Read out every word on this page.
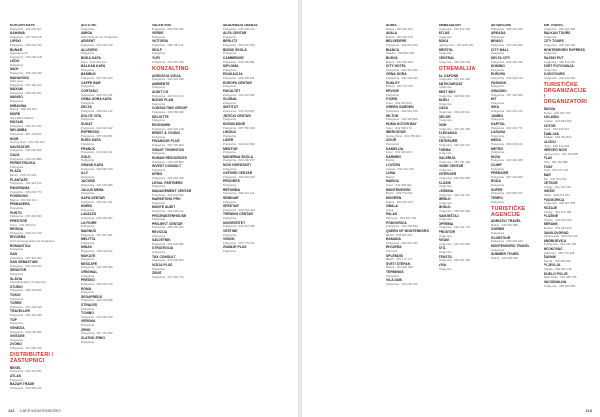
KOKOSH KAFE
Podgorica · 020 224 517
KAHAWA
Podgorica · 067 302 118
LIPSKI
Podgorica · 069 240 313
BUNAR
Njegoševa 22
Podgorica · 020 230 118
LEDO
Podgorica
MAXI
Podgorica · 069 103 440
MAHAGONI
Stari grad
Podgorica · 067 440 212
MAXAM
Podgorica · 020 232 001
MANGO
Podgorica
MIRAVINA
Budva · 068 118 220
MORE
Ulica Mitra Bakića
MOZAIK
Podgorica · 069 444 012
NELUMBA
Podgorica · 067 118 004
NOIR
Herceg Novi · 031 322 102
NAVIGATOR
Podgorica · 069 222 006
OAZA
Podgorica · 020 231 880
PERESTROJKA
Podgorica
PLAŽA
Bečići · 033 471 002
PLANTAŽE
Podgorica · 020 444 114
PANORAMA
Podgorica · 069 203 770
POSEIDON
Budva · 033 402 101
PRIMAVERA
Podgorica
PUNTO
Podgorica · 067 004 990
PRESTIGE
Kotor · 032 325 122
REGINA
Podgorica · 020 221 410
RIVIJERA
Ulica Hercegovačka 14, Podgorica
ROMANTICA
Podgorica
SAN
Podgorica · 067 321 002
SAN SEBASTIAN
Podgorica · 020 244 102
SENATOR
Podgorica
SLAVIA
Ulica Bokeška 3, Podgorica
STUDIO
Podgorica · 069 118 550
TOKIO
Podgorica
TORRE
Podgorica · 067 220 310
TRAVELLER
Podgorica · 069 404 040
TOP
Podgorica
VENEZIA
Podgorica · 020 230 550
VINTAGE
Podgorica
ZVONO
Podgorica · 067 550 012
DISTRIBUTERI / ZASTUPNICI
BEXEL
Podgorica · 020 444 901
ATLAS
Podgorica
BAZAR TRADE
Podgorica · 020 660 410
AUTO BIT
Podgorica
AMIGA
Ulica Slobode 12, Podgorica
ARGENT
Podgorica · 020 225 313
ALLEGRO
Podgorica
BOKA KAFA
Kotor · 032 302 110
BALKAN KAFA
Podgorica
BAMBUS
Podgorica · 067 210 443
CAFFE BAR
Podgorica
CORTADO
Podgorica · 020 231 011
CRNA GORA KAFA
Podgorica
DELTA
Podgorica · 069 231 112
DOLCE VITA
Podgorica
DUKAT
Podgorica · 020 232 442
ESPRESSO
Podgorica · 067 003 881
EURO KAFA
Podgorica
FRANCK
Podgorica · 020 222 111
GOLD
Podgorica
GRAND KAFA
Podgorica · 020 660 100
ILLY
Podgorica
JACOBS
Podgorica · 020 440 005
JULIUS MEINL
Podgorica
KAFA CENTAR
Podgorica · 020 111 223
KIMBO
Podgorica
LAVAZZA
Podgorica · 020 234 567
LA FIORE
Podgorica
MAGNUS
Podgorica · 067 667 001
MELITTA
Podgorica
MINAS
Podgorica · 069 112 002
MOKATE
Podgorica
NESCAFE
Podgorica · 020 445 990
ORIGINAL
Podgorica
PRESSO
Podgorica · 020 230 120
ROMA
Podgorica
SEGAFREDO
Podgorica · 020 233 008
STRAUSS
Podgorica
TCHIBO
Podgorica · 020 202 020
VERONA
Podgorica
ZRNO
Podgorica · 067 101 202
ZLATNO ZRNO
Podgorica
VALENTINO
Podgorica · 020 230 332
VERDE
Podgorica
VICTORIA
Podgorica · 069 700 112
WOLF
Podgorica
YUPI
Podgorica · 067 001 330
KONZALTING
AGENCIJA VIZIJA
Podgorica · 020 224 000
AMBIENTE
Podgorica
AUDIT CG
Podgorica · 020 231 114
BIZNIS PLAN
Podgorica
CONSULTING GROUP
Podgorica · 020 660 220
DELOITTE
Podgorica
EKONOMIK
Podgorica · 020 224 118
ERNST & YOUNG
Podgorica
FINANSIJE PLUS
Podgorica · 067 203 004
GRANT THORNTON
Podgorica
HUMAN RESOURCES
Podgorica · 020 232 800
INVEST CONSULT
Podgorica
KPMG
Podgorica · 020 202 450
LEGAL PARTNERS
Podgorica
MANAGEMENT CENTAR
Podgorica · 020 244 332
MARKETING PRO
Podgorica
MONTE AUDIT
Podgorica · 020 233 114
PRICEWATERHOUSE
Podgorica
PROJEKT CENTAR
Podgorica · 069 220 404
REVIZIJA
Podgorica
SAVJETNIK
Podgorica · 020 225 660
STRATEGIJA
Podgorica
TAX CONSULT
Podgorica · 020 230 900
VIZIJA PLUS
Podgorica
ZENIT
Podgorica · 067 331 770
AKADEMIJA ZNANJA
Podgorica · 020 245 110
ALFA CENTAR
Podgorica
BERLITZ
Podgorica · 020 232 334
BIZNIS ŠKOLA
Podgorica
CAMBRIDGE
Podgorica · 020 660 881
DIPLOMA
Podgorica
EDUKACIJA
Podgorica · 069 404 121
EUROPA CENTAR
Podgorica
FAKULTET
Podgorica · 020 241 000
GLOBAL
Podgorica
INSTITUT
Podgorica · 020 221 567
JEZIČKI CENTAR
Podgorica
KNOWLEDGE
Podgorica · 067 556 020
LINGUA
Podgorica
LIDER
Podgorica · 020 234 990
MENTOR
Podgorica
MODERNA ŠKOLA
Podgorica · 020 230 707
NOVI HORIZONTI
Podgorica
OXFORD CENTAR
Podgorica · 020 222 919
PROGRES
Podgorica
REFORMA
Podgorica · 069 212 121
SEMINAR
Podgorica
SPEKTAR
Podgorica · 020 244 444
TRENING CENTAR
Podgorica
UNIVERZITET
Podgorica · 020 414 255
VEŠTINE
Podgorica
VISION
Podgorica · 067 770 112
ZNANJE PLUS
Podgorica
112 CAFÉ MONTENEGRO
ADRIA
Budva · 033 451 221
AVALA
Budva · 033 402 115
BELVEDERE
Podgorica · 020 601 200
BIANCA
Kolašin · 020 863 000
BUDVA
Budva · 033 451 500
CITY HOTEL
Podgorica · 020 441 500
CRNA GORA
Podgorica · 020 443 443
DUKLEY
Budva · 033 770 700
ERVOIR
Podgorica
FJORD
Kotor · 032 331 400
GREEN GARDEN
Podgorica · 020 641 100
HILTON
Podgorica · 020 443 500
HUMA KOTOR BAY
Kotor · 032 660 170
IBEROSTAR
Herceg Novi · 031 355 000
IZVOR
Podgorica
KAMELIJA
Kotor · 032 333 200
KARMEN
Budva
LOVĆEN
Cetinje · 041 231 100
LUNA
Budva
MARIJA
Kotor · 032 325 062
MONTENEGRO
Bečići · 033 773 003
MOGREN
Budva · 033 451 102
OBALA
Ulcinj
PALAS
Petrovac · 033 421 100
PODGORICA
Podgorica · 020 402 500
QUEEN OF MONTENEGRO
Bečići · 033 662 662
RAMADA
Podgorica · 020 622 222
RIVIJERA
Petrovac
SPLENDID
Bečići · 033 773 777
SVETI STEFAN
Budva · 033 420 000
TERMINUS
Podgorica
VILA DUB
Podgorica · 020 620 100
AMBASADOR
Podgorica · 020 272 100
ATLAS
Podgorica
BOKA
Herceg Novi · 031 345 100
BRISTOL
Podgorica
CENTRAL
Podgorica · 020 230 230
OTREMALIJA
AL CAPONE
Podgorica · 067 244 118
ANTIKVARIJAT
Podgorica
BEST BUY
Podgorica · 020 660 331
BIJELI
Podgorica
CASA
Podgorica · 069 220 011
DECOR
Podgorica
DOM
Podgorica · 020 231 500
ELEGANZA
Podgorica
ENTERIJER
Podgorica · 020 232 221
FORMA
Podgorica
GALERIJA
Podgorica · 067 101 404
HOME CENTAR
Podgorica
INTERIJER
Podgorica · 020 660 550
KLASIK
Podgorica
LESNINA
Podgorica · 020 443 101
MEBLO
Podgorica
MODUL
Podgorica · 069 300 300
NAMJEŠTAJ
Podgorica
OPREMA
Podgorica · 020 244 770
PROSTOR
Podgorica
RITAM
Podgorica · 067 320 320
STIL
Podgorica
TEKSTIL
Podgorica · 020 221 332
VIVA
Podgorica
AKVARIJUM
Podgorica · 069 210 220
ARKADA
Podgorica
BRAVO
Podgorica · 020 223 554
CITY MALL
Podgorica
DELTA CITY
Podgorica · 020 445 445
DOMINO
Podgorica
EUROPA
Podgorica · 020 232 119
FASHION
Podgorica
GRADSKI
Podgorica · 067 404 002
HIT
Podgorica
IDEA
Podgorica · 020 441 110
JUMBO
Podgorica
KAPITAL
Podgorica · 020 231 771
LAGUNA
Podgorica
MEGA
Podgorica · 069 333 123
METRO
Podgorica
NOVA
Podgorica · 020 234 980
OLIMP
Podgorica
PREMIJER
Podgorica · 067 222 909
RODA
Podgorica
SUPER
Podgorica · 020 660 707
TEMPO
Podgorica
TURISTIČKE AGENCIJE
ADRIATIC TRAVEL
Budva · 033 451 880
GORBIS
Podgorica
GLOBTOUR
Podgorica · 020 230 444
MONTENEGRO TRAVEL
Podgorica
SUMMER TOURS
Budva · 033 402 550
AIR TRAVEL
Podgorica · 020 241 800
BALKAN TOURS
Podgorica
CITY TOURS
Podgorica · 020 230 115
MONTENEGRO EXPRESS
Podgorica
RAJSKI PUT
Podgorica · 069 112 440
SVET PUTOVANJA
Podgorica
JUGOTOURS
Podgorica · 020 232 662
TURISTIČKE ORGANIZACIJE / ORGANIZATORI
BUDVA
Budva · 033 452 750
KOLAŠIN
Kolašin · 020 864 254
KOTOR
Kotor · 032 325 947
ŽABLJAK
Žabljak · 052 361 802
ULCINJ
Ulcinj · 030 412 333
HERCEG NOVI
Herceg Novi · 031 350 820
PLAV
Plav · 051 252 888
TIVAT
Tivat · 032 671 324
BAR
Bar · 030 311 633
CETINJE
Cetinje · 041 230 250
NIKŠIĆ
Nikšić · 040 213 262
PODGORICA
Podgorica · 020 667 535
ROŽAJE
Rožaje · 051 270 158
PLUŽINE
Plužine · 040 270 060
BERANE
Berane · 051 236 664
DANILOVGRAD
Danilovgrad · 020 816 015
ANDRIJEVICA
Andrijevica · 051 243 165
MOJKOVAC
Mojkovac · 050 472 428
ŠAVNIK
Šavnik · 040 266 066
PLJEVLJA
Pljevlja · 052 300 148
BIJELO POLJE
Bijelo Polje · 050 484 795
NACIONALNA
Podgorica · 020 230 959
113
